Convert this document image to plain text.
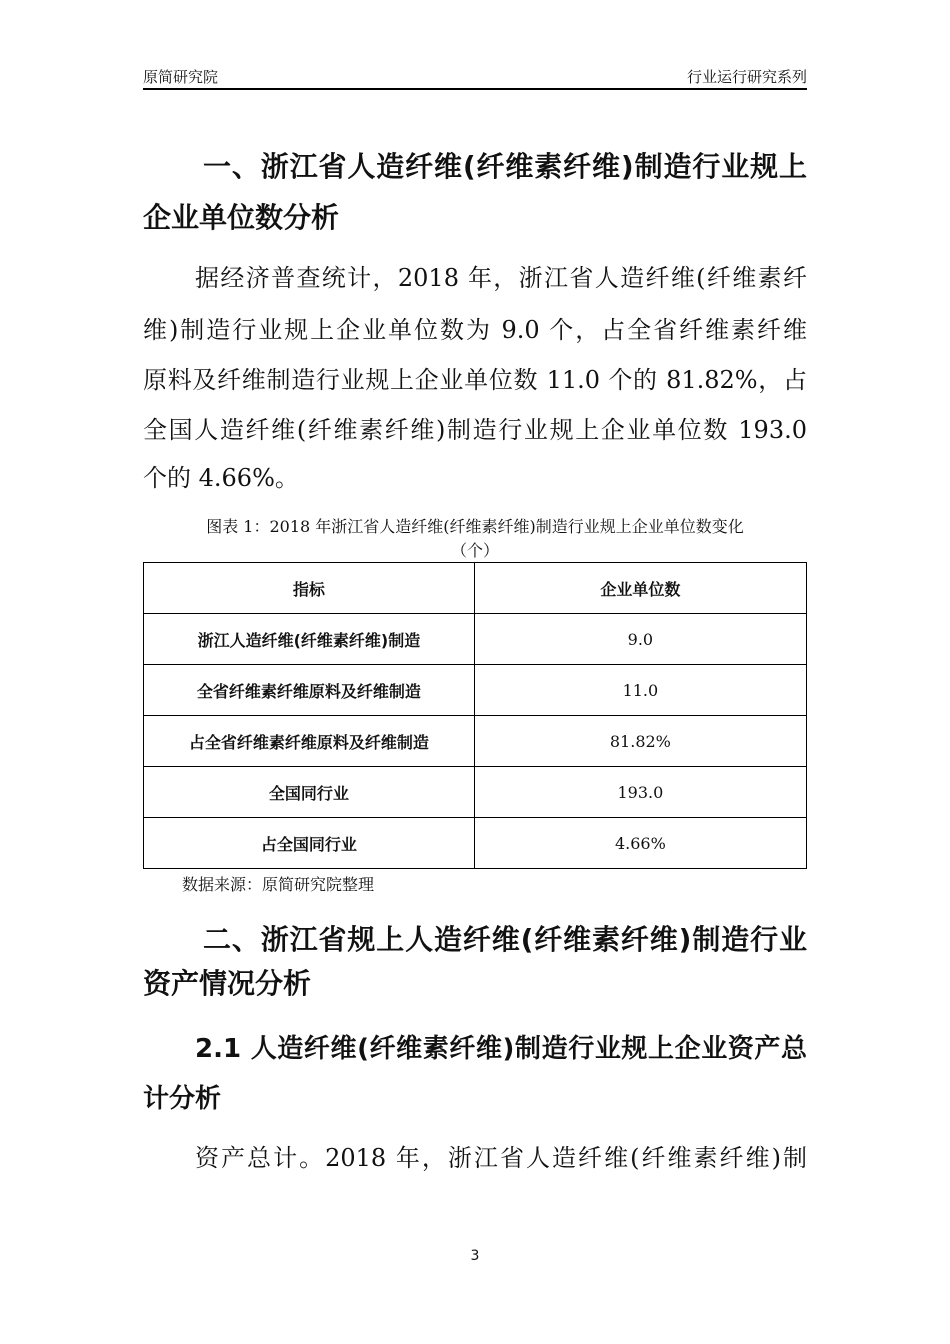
原简研究院	行业运行研究系列
一、浙江省人造纤维(纤维素纤维)制造行业规上
企业单位数分析
据经济普查统计，2018 年，浙江省人造纤维(纤维素纤
维)制造行业规上企业单位数为 9.0 个，占全省纤维素纤维
原料及纤维制造行业规上企业单位数 11.0 个的 81.82%，占
全国人造纤维(纤维素纤维)制造行业规上企业单位数 193.0
个的 4.66%。
图表 1：2018 年浙江省人造纤维(纤维素纤维)制造行业规上企业单位数变化
（个）
指标	企业单位数
浙江人造纤维(纤维素纤维)制造	9.0
全省纤维素纤维原料及纤维制造	11.0
占全省纤维素纤维原料及纤维制造	81.82%
全国同行业	193.0
占全国同行业	4.66%
数据来源：原简研究院整理
二、浙江省规上人造纤维(纤维素纤维)制造行业
资产情况分析
2.1 人造纤维(纤维素纤维)制造行业规上企业资产总
计分析
资产总计。2018 年，浙江省人造纤维(纤维素纤维)制
3
